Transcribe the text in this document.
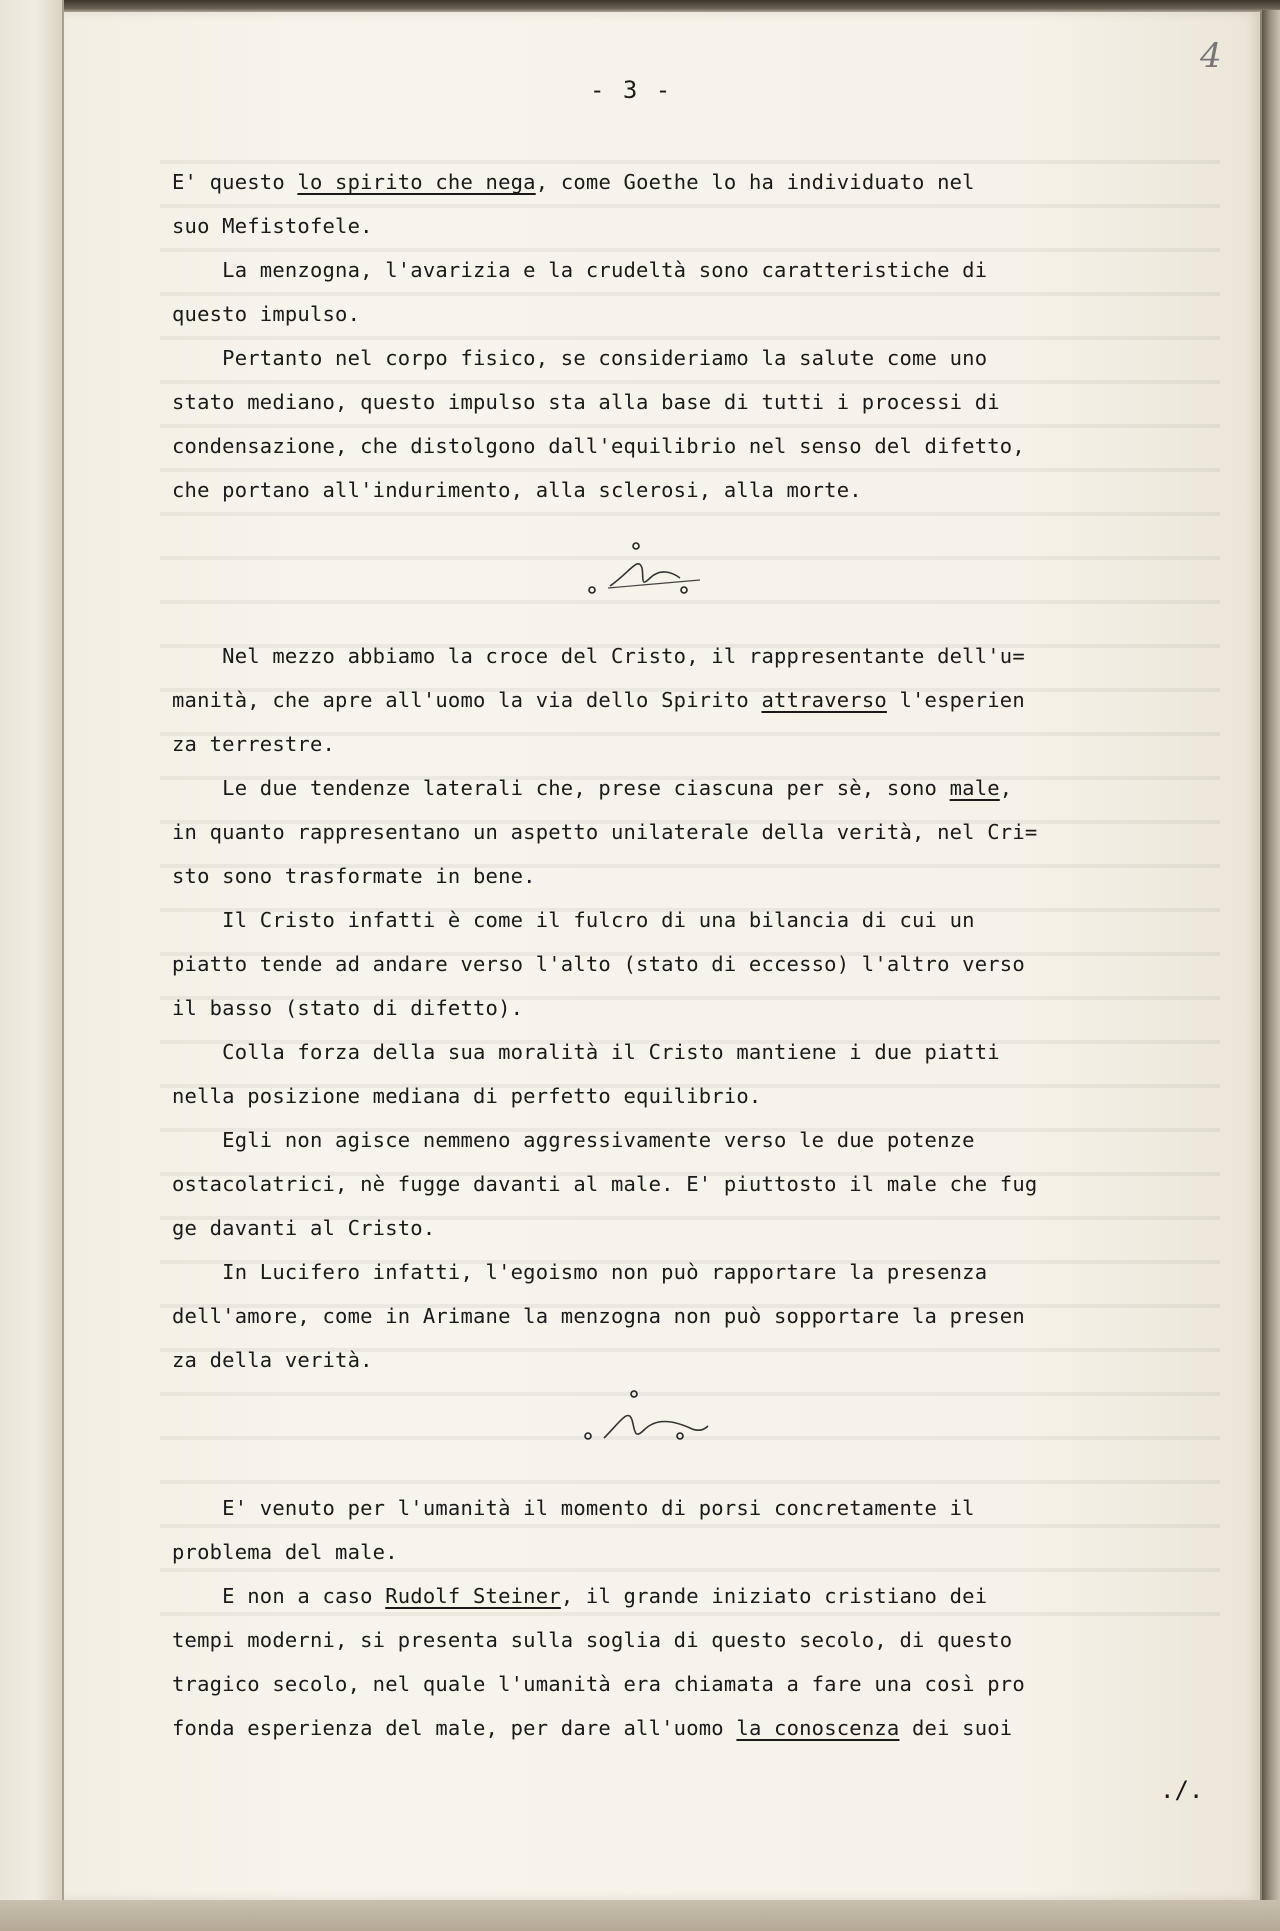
- 3 -
4
E' questo lo spirito che nega, come Goethe lo ha individuato nel
suo Mefistofele.
La menzogna, l'avarizia e la crudeltà sono caratteristiche di
questo impulso.
Pertanto nel corpo fisico, se consideriamo la salute come uno
stato mediano, questo impulso sta alla base di tutti i processi di
condensazione, che distolgono dall'equilibrio nel senso del difetto,
che portano all'indurimento, alla sclerosi, alla morte.
Nel mezzo abbiamo la croce del Cristo, il rappresentante dell'u=
manità, che apre all'uomo la via dello Spirito attraverso l'esperien
za terrestre.
Le due tendenze laterali che, prese ciascuna per sè, sono male,
in quanto rappresentano un aspetto unilaterale della verità, nel Cri=
sto sono trasformate in bene.
Il Cristo infatti è come il fulcro di una bilancia di cui un
piatto tende ad andare verso l'alto (stato di eccesso) l'altro verso
il basso (stato di difetto).
Colla forza della sua moralità il Cristo mantiene i due piatti
nella posizione mediana di perfetto equilibrio.
Egli non agisce nemmeno aggressivamente verso le due potenze
ostacolatrici, nè fugge davanti al male. E' piuttosto il male che fug
ge davanti al Cristo.
In Lucifero infatti, l'egoismo non può rapportare la presenza
dell'amore, come in Arimane la menzogna non può sopportare la presen
za della verità.
E' venuto per l'umanità il momento di porsi concretamente il
problema del male.
E non a caso Rudolf Steiner, il grande iniziato cristiano dei
tempi moderni, si presenta sulla soglia di questo secolo, di questo
tragico secolo, nel quale l'umanità era chiamata a fare una così pro
fonda esperienza del male, per dare all'uomo la conoscenza dei suoi
./.
